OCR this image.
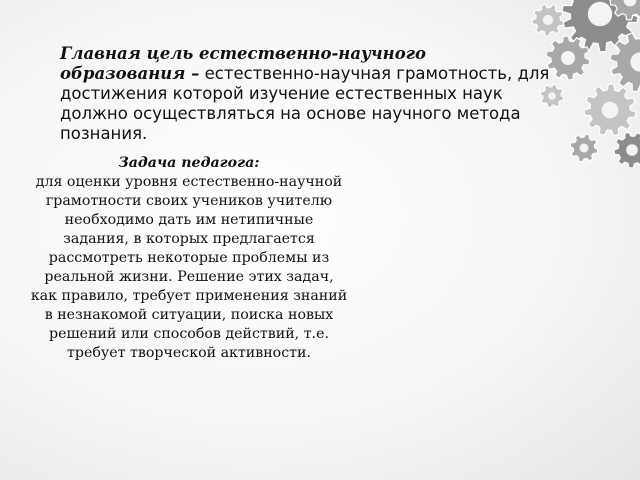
Главная цель естественно-научного образования – естественно-научная грамотность, для достижения которой изучение естественных наук должно осуществляться на основе научного метода познания.

Задача педагога:
для оценки уровня естественно-научной грамотности своих учеников учителю необходимо дать им нетипичные задания, в которых предлагается рассмотреть некоторые проблемы из реальной жизни. Решение этих задач, как правило, требует применения знаний в незнакомой ситуации, поиска новых решений или способов действий, т.е. требует творческой активности.
